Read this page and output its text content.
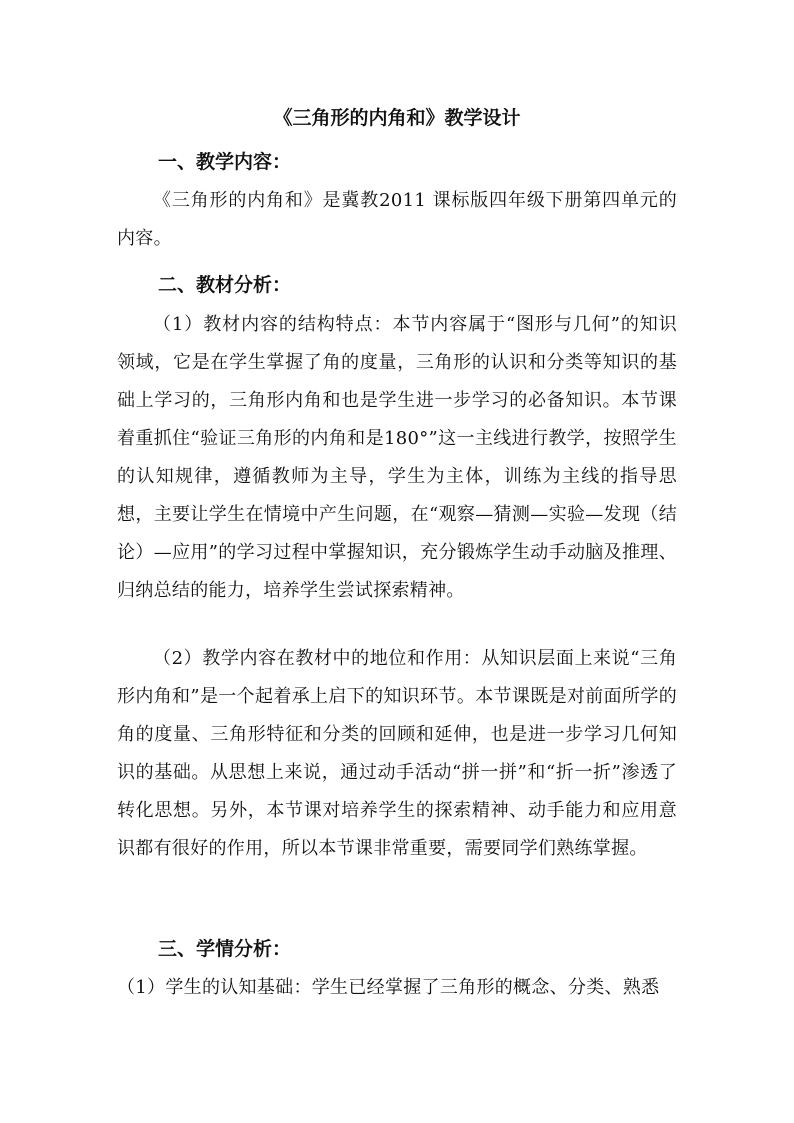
《三角形的内角和》教学设计
一、教学内容：
《三角形的内角和》是冀教2011 课标版四年级下册第四单元的内容。
二、教材分析：
（1）教材内容的结构特点：本节内容属于“图形与几何”的知识领域，它是在学生掌握了角的度量，三角形的认识和分类等知识的基础上学习的，三角形内角和也是学生进一步学习的必备知识。本节课着重抓住“验证三角形的内角和是180°”这一主线进行教学，按照学生的认知规律，遵循教师为主导，学生为主体，训练为主线的指导思想，主要让学生在情境中产生问题，在“观察—猜测—实验—发现（结论）—应用”的学习过程中掌握知识，充分锻炼学生动手动脑及推理、归纳总结的能力，培养学生尝试探索精神。
（2）教学内容在教材中的地位和作用：从知识层面上来说“三角形内角和”是一个起着承上启下的知识环节。本节课既是对前面所学的角的度量、三角形特征和分类的回顾和延伸，也是进一步学习几何知识的基础。从思想上来说，通过动手活动“拼一拼”和“折一折”渗透了转化思想。另外，本节课对培养学生的探索精神、动手能力和应用意识都有很好的作用，所以本节课非常重要，需要同学们熟练掌握。
三、学情分析：
（1）学生的认知基础：学生已经掌握了三角形的概念、分类、熟悉
